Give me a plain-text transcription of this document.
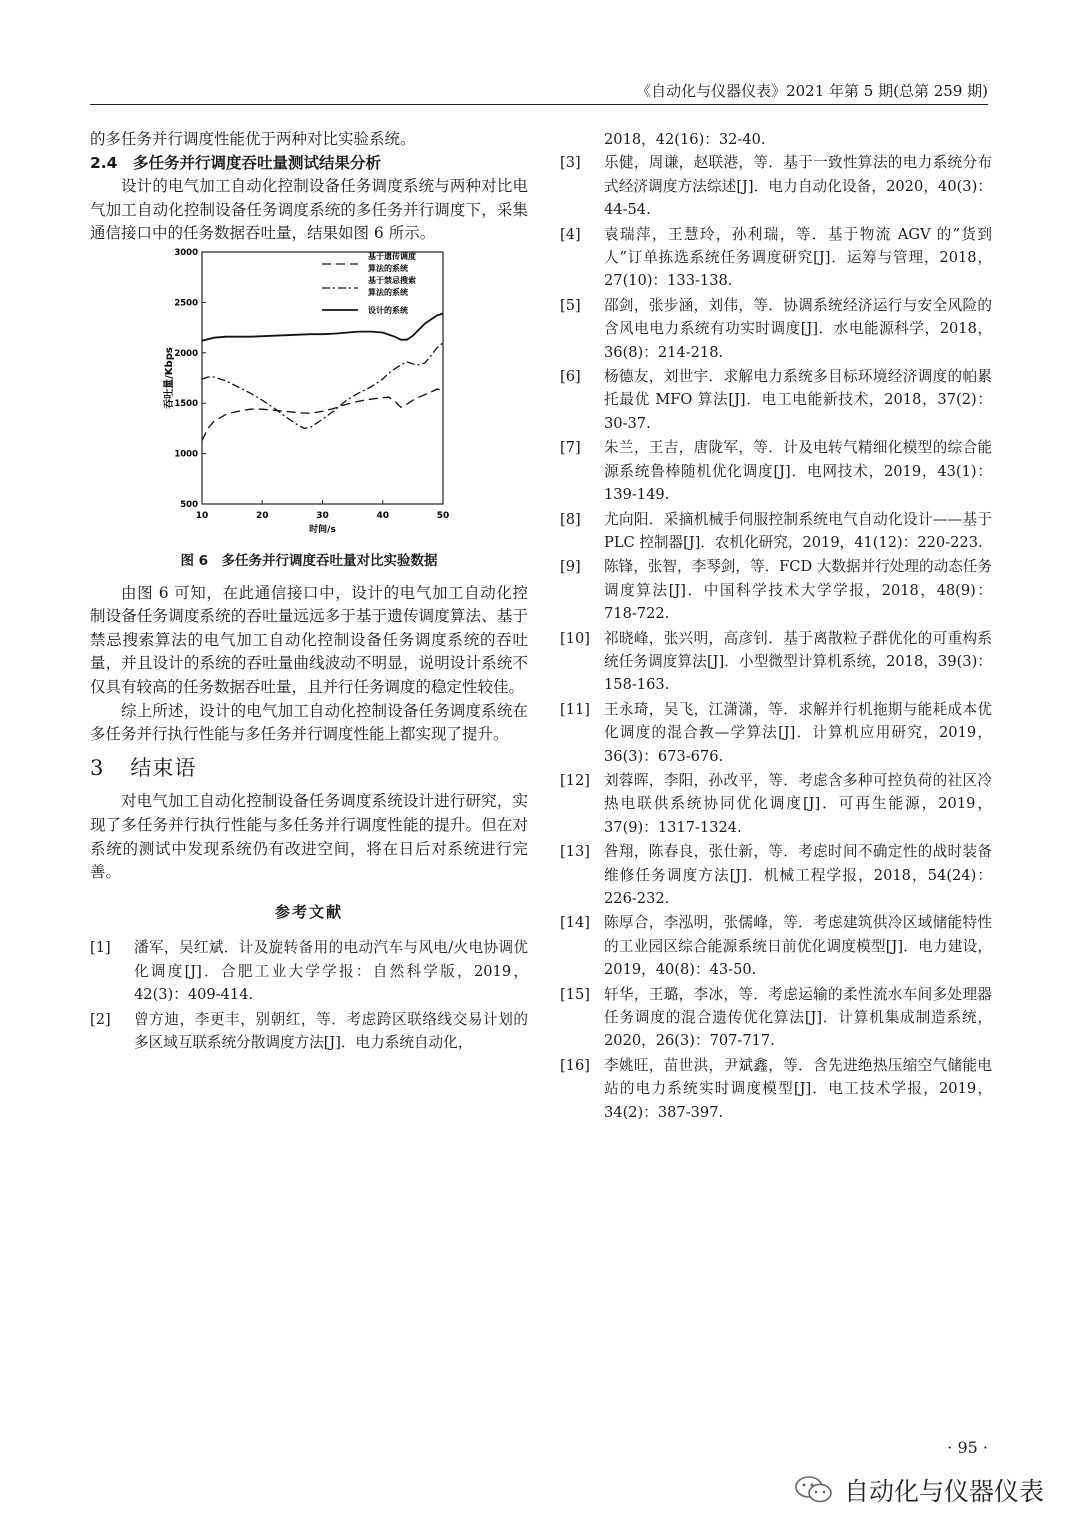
《自动化与仪器仪表》2021 年第 5 期(总第 259 期)

的多任务并行调度性能优于两种对比实验系统。

2.4　多任务并行调度吞吐量测试结果分析

设计的电气加工自动化控制设备任务调度系统与两种对比电气加工自动化控制设备任务调度系统的多任务并行调度下，采集通信接口中的任务数据吞吐量，结果如图 6 所示。

10	20	30	40	50
500
1000
1500
2000
2500
3000
时间/s
吞吐量/Kbps
基于遗传调度算法的系统
基于禁忌搜索算法的系统
设计的系统

图 6　多任务并行调度吞吐量对比实验数据

由图 6 可知，在此通信接口中，设计的电气加工自动化控制设备任务调度系统的吞吐量远远多于基于遗传调度算法、基于禁忌搜索算法的电气加工自动化控制设备任务调度系统的吞吐量，并且设计的系统的吞吐量曲线波动不明显，说明设计系统不仅具有较高的任务数据吞吐量，且并行任务调度的稳定性较佳。

综上所述，设计的电气加工自动化控制设备任务调度系统在多任务并行执行性能与多任务并行调度性能上都实现了提升。

3 结束语

对电气加工自动化控制设备任务调度系统设计进行研究，实现了多任务并行执行性能与多任务并行调度性能的提升。但在对系统的测试中发现系统仍有改进空间，将在日后对系统进行完善。

参考文献

[1]	潘军，吴红斌．计及旋转备用的电动汽车与风电/火电协调优化调度[J]．合肥工业大学学报：自然科学版，2019，42(3)：409-414.
[2]	曾方迪，李更丰，别朝红，等．考虑跨区联络线交易计划的多区域互联系统分散调度方法[J]．电力系统自动化，

2018，42(16)：32-40.

[3]	乐健，周谦，赵联港，等．基于一致性算法的电力系统分布式经济调度方法综述[J]．电力自动化设备，2020，40(3)：44-54.
[4]	袁瑞萍，王慧玲，孙利瑞，等．基于物流 AGV 的”货到人”订单拣选系统任务调度研究[J]．运筹与管理，2018，27(10)：133-138.
[5]	邵剑，张步涵，刘伟，等．协调系统经济运行与安全风险的含风电电力系统有功实时调度[J]．水电能源科学，2018，36(8)：214-218.
[6]	杨德友，刘世宇．求解电力系统多目标环境经济调度的帕累托最优 MFO 算法[J]．电工电能新技术，2018，37(2)：30-37.
[7]	朱兰，王吉，唐陇军，等．计及电转气精细化模型的综合能源系统鲁棒随机优化调度[J]．电网技术，2019，43(1)：139-149.
[8]	尤向阳．采摘机械手伺服控制系统电气自动化设计——基于 PLC 控制器[J]．农机化研究，2019，41(12)：220-223.
[9]	陈锋，张智，李琴剑，等．FCD 大数据并行处理的动态任务调度算法[J]．中国科学技术大学学报，2018，48(9)：718-722.
[10] 祁晓峰，张兴明，高彦钊．基于离散粒子群优化的可重构系统任务调度算法[J]．小型微型计算机系统，2018，39(3)：158-163.
[11] 王永琦，吴飞，江潇潇，等．求解并行机拖期与能耗成本优化调度的混合教—学算法[J]．计算机应用研究，2019，36(3)：673-676.
[12] 刘蓉晖，李阳，孙改平，等．考虑含多种可控负荷的社区冷热电联供系统协同优化调度[J]．可再生能源，2019，37(9)：1317-1324.
[13] 昝翔，陈春良，张仕新，等．考虑时间不确定性的战时装备维修任务调度方法[J]．机械工程学报，2018，54(24)：226-232.
[14] 陈厚合，李泓明，张儒峰，等．考虑建筑供冷区域储能特性的工业园区综合能源系统日前优化调度模型[J]．电力建设，2019，40(8)：43-50.
[15] 轩华，王璐，李冰，等．考虑运输的柔性流水车间多处理器任务调度的混合遗传优化算法[J]．计算机集成制造系统，2020，26(3)：707-717.
[16] 李姚旺，苗世洪，尹斌鑫，等．含先进绝热压缩空气储能电站的电力系统实时调度模型[J]．电工技术学报，2019，34(2)：387-397.
· 95 ·
自动化与仪器仪表
